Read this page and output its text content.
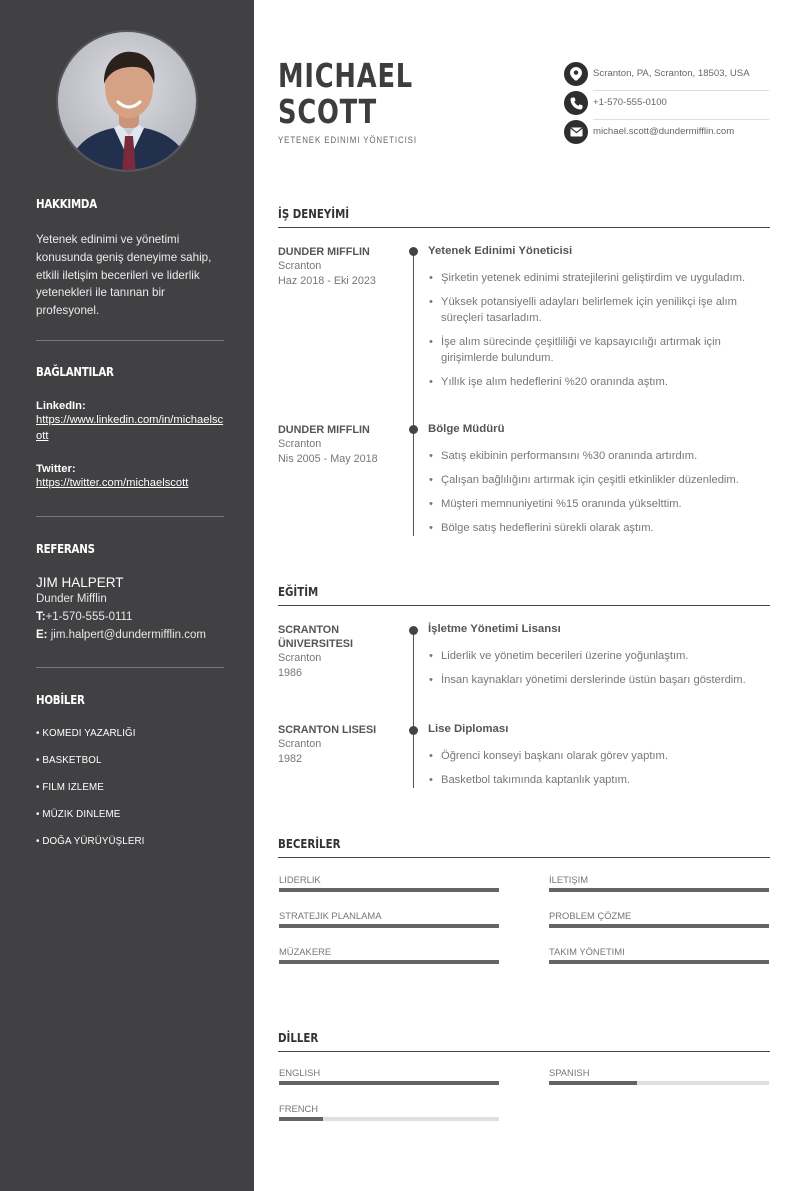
HAKKIMDA
Yetenek edinimi ve yönetimi konusunda geniş deneyime sahip, etkili iletişim becerileri ve liderlik yetenekleri ile tanınan bir profesyonel.
BAĞLANTILAR
LinkedIn:
https://www.linkedin.com/in/michaelscott
Twitter:
https://twitter.com/michaelscott
REFERANS
JIM HALPERT
Dunder Mifflin
T:+1-570-555-0111
E: jim.halpert@dundermifflin.com
HOBİLER
• KOMEDI YAZARLIĞI
• BASKETBOL
• FILM IZLEME
• MÜZIK DINLEME
• DOĞA YÜRÜYÜŞLERI
MICHAEL
SCOTT
YETENEK EDINIMI YÖNETICISI
Scranton, PA, Scranton, 18503, USA
+1-570-555-0100
michael.scott@dundermifflin.com
İŞ DENEYİMİ
DUNDER MIFFLIN
Scranton
Haz 2018 - Eki 2023
Yetenek Edinimi Yöneticisi
• Şirketin yetenek edinimi stratejilerini geliştirdim ve uyguladım.
• Yüksek potansiyelli adayları belirlemek için yenilikçi işe alım süreçleri tasarladım.
• İşe alım sürecinde çeşitliliği ve kapsayıcılığı artırmak için girişimlerde bulundum.
• Yıllık işe alım hedeflerini %20 oranında aştım.
DUNDER MIFFLIN
Scranton
Nis 2005 - May 2018
Bölge Müdürü
• Satış ekibinin performansını %30 oranında artırdım.
• Çalışan bağlılığını artırmak için çeşitli etkinlikler düzenledim.
• Müşteri memnuniyetini %15 oranında yükselttim.
• Bölge satış hedeflerini sürekli olarak aştım.
EĞİTİM
SCRANTON ÜNIVERSITESI
Scranton
1986
İşletme Yönetimi Lisansı
• Liderlik ve yönetim becerileri üzerine yoğunlaştım.
• İnsan kaynakları yönetimi derslerinde üstün başarı gösterdim.
SCRANTON LISESI
Scranton
1982
Lise Diploması
• Öğrenci konseyi başkanı olarak görev yaptım.
• Basketbol takımında kaptanlık yaptım.
BECERİLER
LIDERLIK	İLETIŞIM
STRATEJIK PLANLAMA	PROBLEM ÇÖZME
MÜZAKERE	TAKIM YÖNETIMI
DİLLER
ENGLISH	SPANISH
FRENCH
